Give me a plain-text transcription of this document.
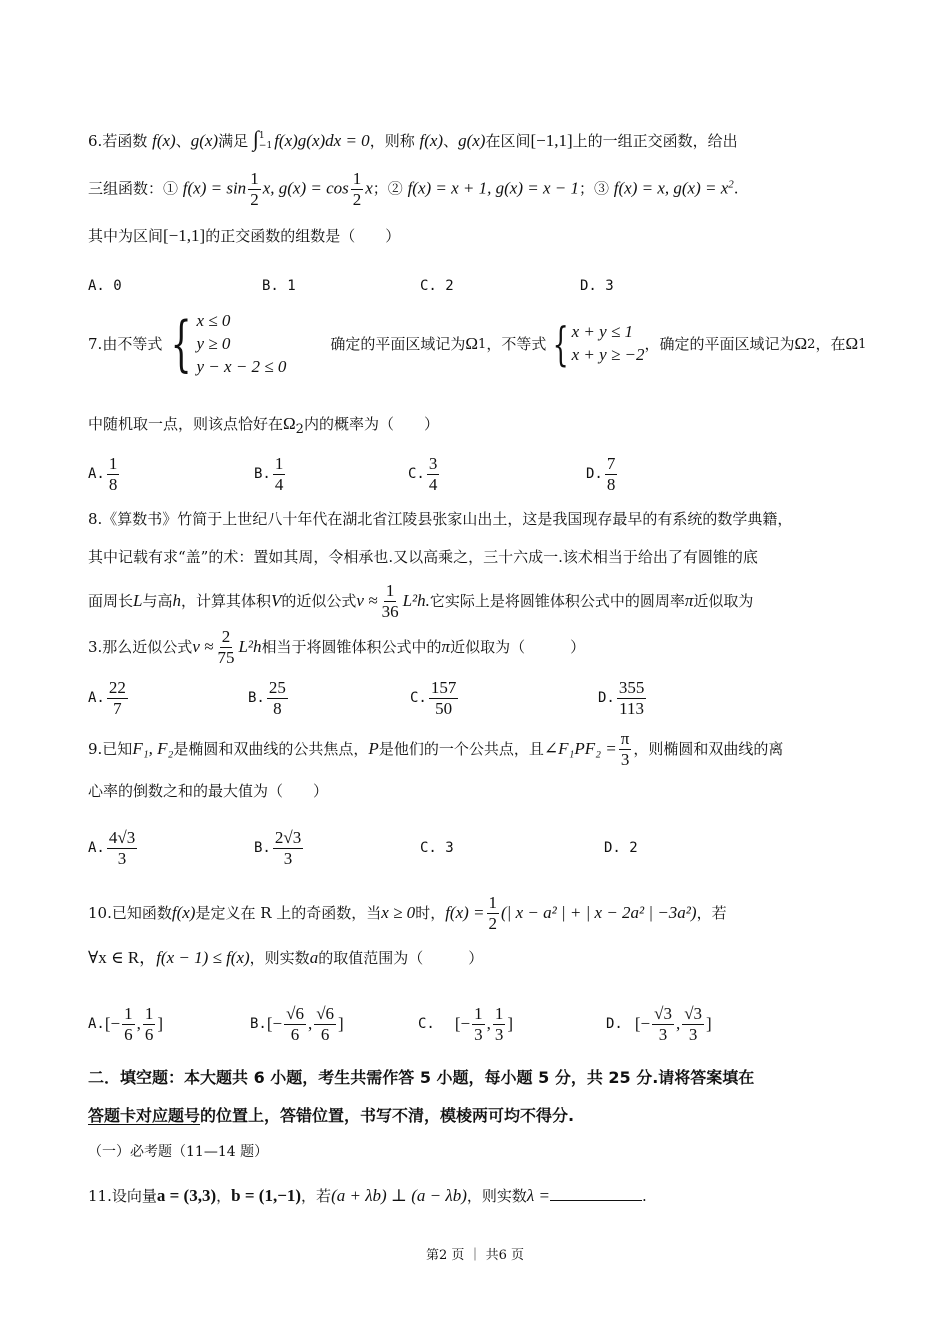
6.若函数 f(x)、g(x)满足 ∫ 1
−1 f(x)g(x)dx = 0，则称 f(x)、g(x)在区间[−1,1]上的一组正交函数，给出
三组函数：① $f(x) = \sin \frac{1}{2} x$, $g(x) = \cos \frac{1}{2}$ x；② f(x) = x + 1, g(x) = x − 1；③ f(x) = x, $g(x) = x^2$.
其中为区间[−1,1]的正交函数的组数是（　　）
A. 0	B. 1	C. 2	D. 3
7. 由不等式 { x ≤ 0
y ≥ 0
y − x − 2 ≤ 0
确定的平面区域记为 Ω 1 ，不等式 { x + y ≤ 1
x + y ≥ −2
，确定的平面区域记为 Ω 2 ，在 Ω 1
中随机取一点，则该点恰好在$\Omega_2$内的概率为（　　）
A. $\frac{1}{8}$	B. $\frac{1}{4}$	C. $\frac{3}{4}$	D. $\frac{7}{8}$
8.《算数书》竹简于上世纪八十年代在湖北省江陵县张家山出土，这是我国现存最早的有系统的数学典籍，
其中记载有求“盖”的术：置如其周，令相承也.又以高乘之，三十六成一.该术相当于给出了有圆锥的底
面周长 L 与高 h ，计算其体积 V 的近似公式 $v \approx \frac{1}{36} L^2h$. 它实际上是将圆锥体积公式中的圆周率 π 近似取为
3.那么近似公式 $v \approx \frac{2}{75} L^2h$ 相当于将圆锥体积公式中的 π 近似取为（　　　）
A. $\frac{22}{7}$	B. $\frac{25}{8}$	C. $\frac{157}{50}$	D. $\frac{355}{113}$
9.已知 F₁, F₂ 是椭圆和双曲线的公共焦点， P 是他们的一个公共点，且 ∠F₁PF₂ = $\frac{\pi}{3}$ ，则椭圆和双曲线的离
心率的倒数之和的最大值为（　　）
A. $\frac{4√3}{3}$	B. $\frac{2√3}{3}$	C. 3	D. 2
10.已知函数 f(x) 是定义在 R 上的奇函数，当 x ≥ 0 时， $f(x) = \frac{1}{2}$ (| x − a² | + | x − 2a² | −3a²) ，若
∀x ∈ R，f(x − 1) ≤ f(x)，则实数a的取值范围为（　　　）
A. [− $\frac{1}{6}$ , $\frac{1}{6}$ ]	B. [− $\frac{√6}{6}$ , $\frac{√6}{6}$ ]	C. [− $\frac{1}{3}$ , $\frac{1}{3}$ ]	D. [− $\frac{√3}{3}$ , $\frac{√3}{3}$ ]
二．填空题：本大题共 6 小题，考生共需作答 5 小题，每小题 5 分，共 25 分.请将答案填在
答题卡对应题号的位置上，答错位置，书写不清，模棱两可均不得分.
（一）必考题（11—14 题）
11.设向量a = (3,3)，b = (1,−1)，若(a + λb) ⊥ (a − λb)，则实数λ =	.
第2 页 ｜ 共6 页
